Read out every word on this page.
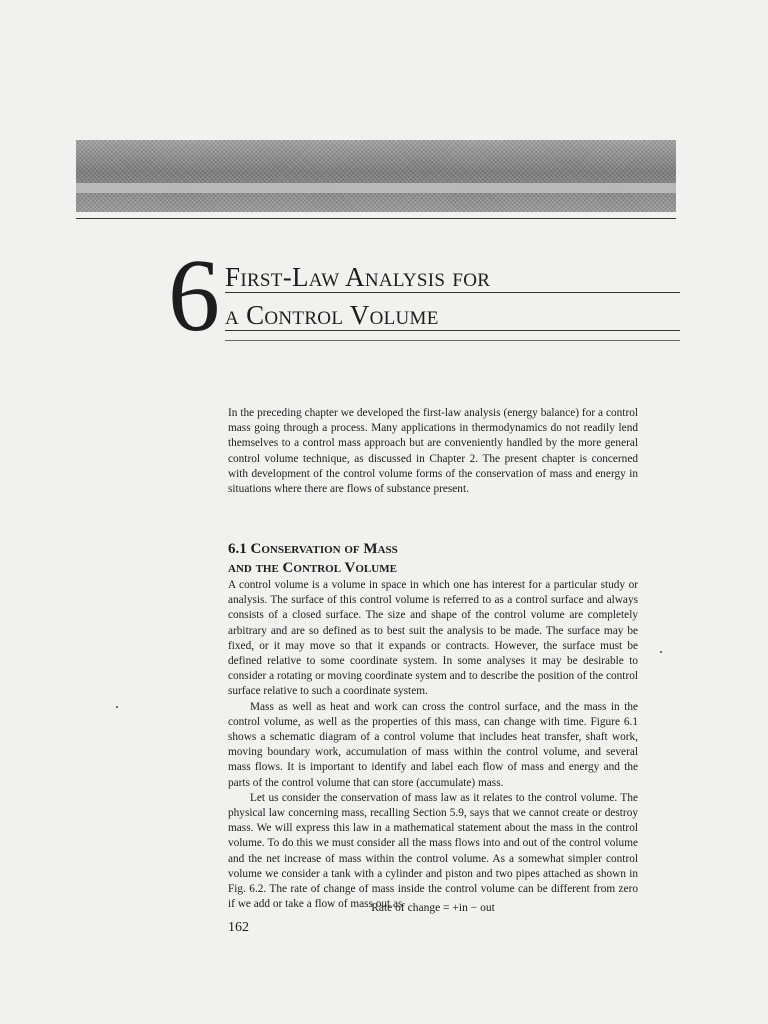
6 First-Law Analysis for
a Control Volume

In the preceding chapter we developed the first-law analysis (energy balance) for a control mass going through a process. Many applications in thermodynamics do not readily lend themselves to a control mass approach but are conveniently handled by the more general control volume technique, as discussed in Chapter 2. The present chapter is concerned with development of the control volume forms of the conservation of mass and energy in situations where there are flows of substance present.

6.1 Conservation of Mass
and the Control Volume

A control volume is a volume in space in which one has interest for a particular study or analysis. The surface of this control volume is referred to as a control surface and always consists of a closed surface. The size and shape of the control volume are completely arbitrary and are so defined as to best suit the analysis to be made. The surface may be fixed, or it may move so that it expands or contracts. However, the surface must be defined relative to some coordinate system. In some analyses it may be desirable to consider a rotating or moving coordinate system and to describe the position of the control surface relative to such a coordinate system.

Mass as well as heat and work can cross the control surface, and the mass in the control volume, as well as the properties of this mass, can change with time. Figure 6.1 shows a schematic diagram of a control volume that includes heat transfer, shaft work, moving boundary work, accumulation of mass within the control volume, and several mass flows. It is important to identify and label each flow of mass and energy and the parts of the control volume that can store (accumulate) mass.

Let us consider the conservation of mass law as it relates to the control volume. The physical law concerning mass, recalling Section 5.9, says that we cannot create or destroy mass. We will express this law in a mathematical statement about the mass in the control volume. To do this we must consider all the mass flows into and out of the control volume and the net increase of mass within the control volume. As a somewhat simpler control volume we consider a tank with a cylinder and piston and two pipes attached as shown in Fig. 6.2. The rate of change of mass inside the control volume can be different from zero if we add or take a flow of mass out as

Rate of change = +in − out
162
